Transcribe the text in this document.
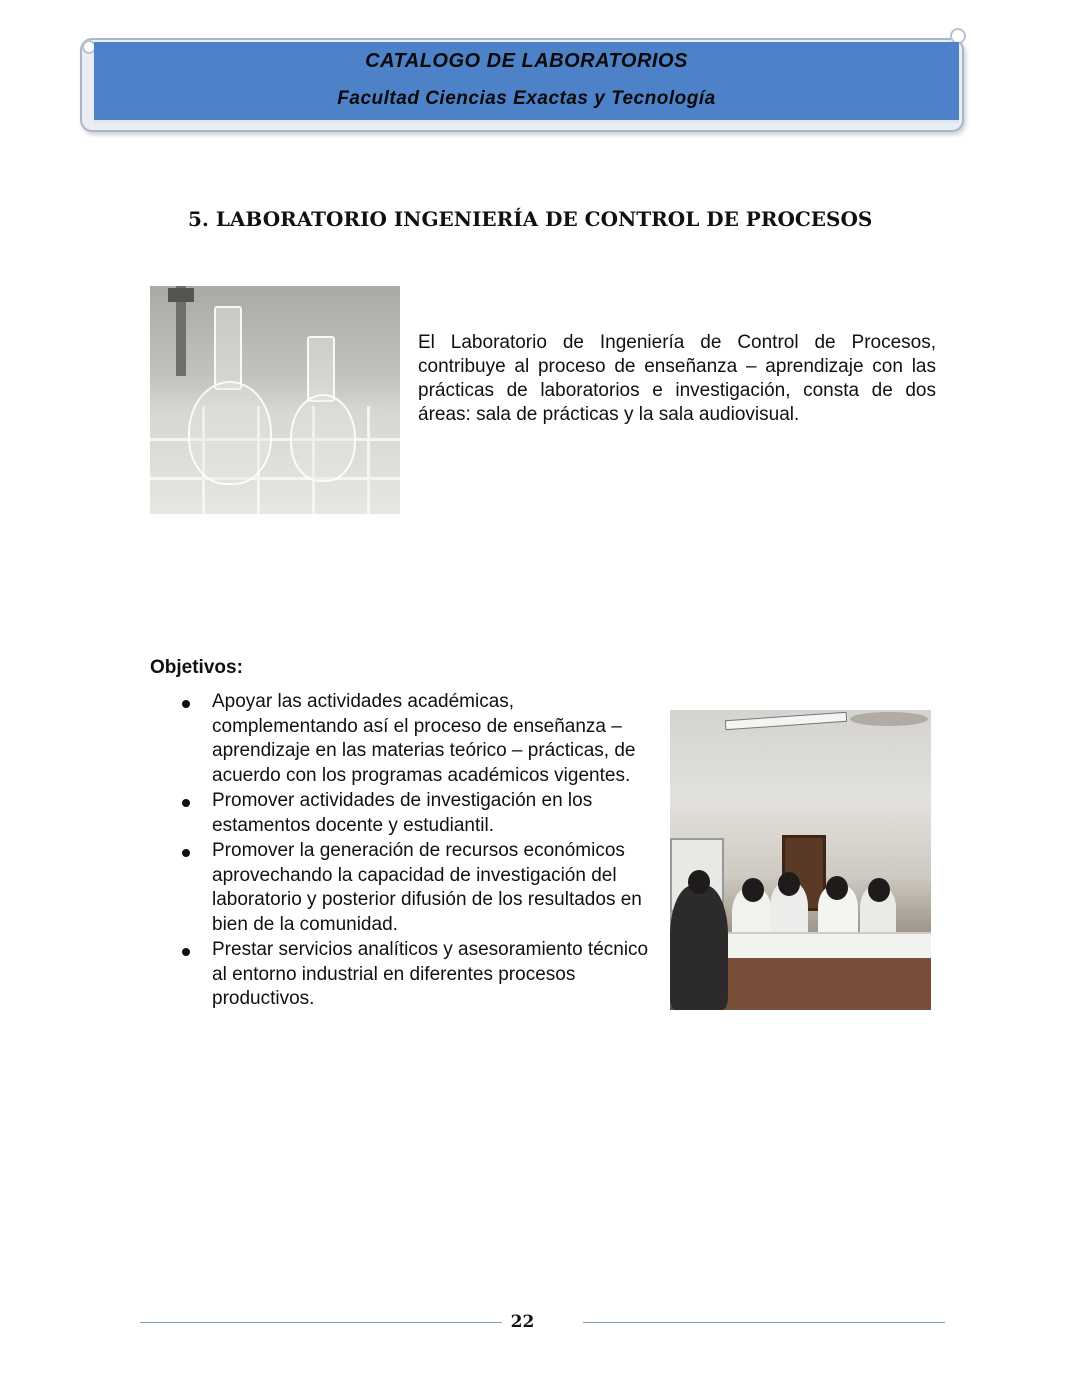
CATALOGO DE LABORATORIOS
Facultad Ciencias Exactas y Tecnología
5. LABORATORIO INGENIERÍA DE CONTROL DE PROCESOS

El Laboratorio de Ingeniería de Control de Procesos, contribuye al proceso de enseñanza – aprendizaje con las prácticas de laboratorios e investigación, consta de dos áreas: sala de prácticas y la sala audiovisual.

Objetivos:
Apoyar las actividades académicas, complementando así el proceso de enseñanza – aprendizaje en las materias teórico – prácticas, de acuerdo con los programas académicos vigentes.
Promover actividades de investigación en los estamentos docente y estudiantil.
Promover la generación de recursos económicos aprovechando la capacidad de investigación del laboratorio y posterior difusión de los resultados en bien de la comunidad.
Prestar servicios analíticos y asesoramiento técnico al entorno industrial en diferentes procesos productivos.
22
